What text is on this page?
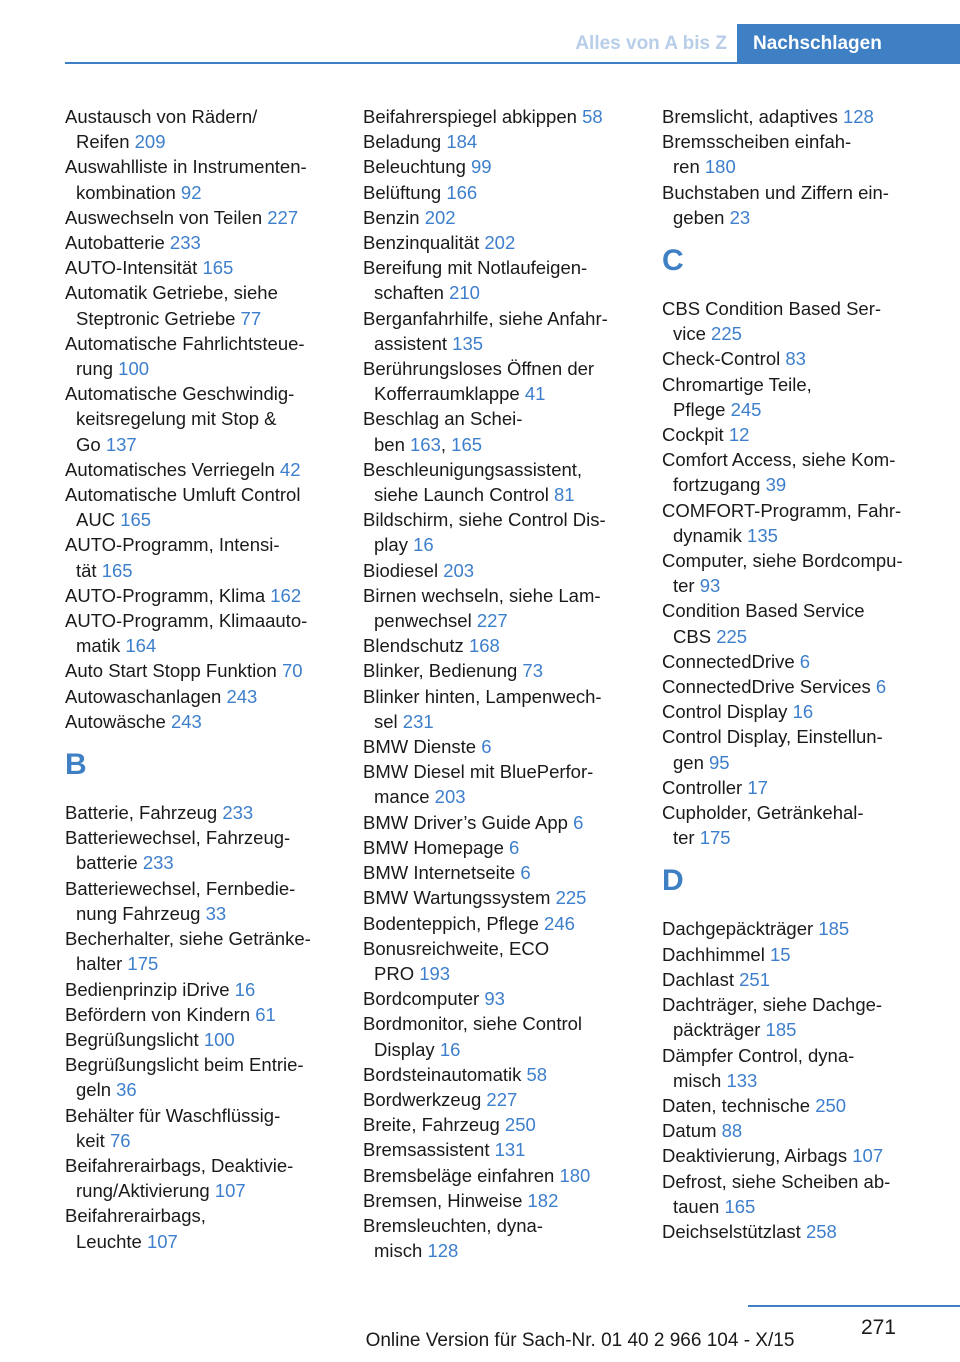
Alles von A bis Z	Nachschlagen
Austausch von Rädern/
Reifen 209
Auswahlliste in Instrumenten-
kombination 92
Auswechseln von Teilen 227
Autobatterie 233
AUTO-Intensität 165
Automatik Getriebe, siehe
Steptronic Getriebe 77
Automatische Fahrlichtsteue-
rung 100
Automatische Geschwindig-
keitsregelung mit Stop &
Go 137
Automatisches Verriegeln 42
Automatische Umluft Control
AUC 165
AUTO-Programm, Intensi-
tät 165
AUTO-Programm, Klima 162
AUTO-Programm, Klimaauto-
matik 164
Auto Start Stopp Funktion 70
Autowaschanlagen 243
Autowäsche 243
B
Batterie, Fahrzeug 233
Batteriewechsel, Fahrzeug-
batterie 233
Batteriewechsel, Fernbedie-
nung Fahrzeug 33
Becherhalter, siehe Getränke-
halter 175
Bedienprinzip iDrive 16
Befördern von Kindern 61
Begrüßungslicht 100
Begrüßungslicht beim Entrie-
geln 36
Behälter für Waschflüssig-
keit 76
Beifahrerairbags, Deaktivie-
rung/Aktivierung 107
Beifahrerairbags,
Leuchte 107
Beifahrerspiegel abkippen 58
Beladung 184
Beleuchtung 99
Belüftung 166
Benzin 202
Benzinqualität 202
Bereifung mit Notlaufeigen-
schaften 210
Berganfahrhilfe, siehe Anfahr-
assistent 135
Berührungsloses Öffnen der
Kofferraumklappe 41
Beschlag an Schei-
ben 163, 165
Beschleunigungsassistent,
siehe Launch Control 81
Bildschirm, siehe Control Dis-
play 16
Biodiesel 203
Birnen wechseln, siehe Lam-
penwechsel 227
Blendschutz 168
Blinker, Bedienung 73
Blinker hinten, Lampenwech-
sel 231
BMW Dienste 6
BMW Diesel mit BluePerfor-
mance 203
BMW Driver’s Guide App 6
BMW Homepage 6
BMW Internetseite 6
BMW Wartungssystem 225
Bodenteppich, Pflege 246
Bonusreichweite, ECO
PRO 193
Bordcomputer 93
Bordmonitor, siehe Control
Display 16
Bordsteinautomatik 58
Bordwerkzeug 227
Breite, Fahrzeug 250
Bremsassistent 131
Bremsbeläge einfahren 180
Bremsen, Hinweise 182
Bremsleuchten, dyna-
misch 128
Bremslicht, adaptives 128
Bremsscheiben einfah-
ren 180
Buchstaben und Ziffern ein-
geben 23
C
CBS Condition Based Ser-
vice 225
Check-Control 83
Chromartige Teile,
Pflege 245
Cockpit 12
Comfort Access, siehe Kom-
fortzugang 39
COMFORT-Programm, Fahr-
dynamik 135
Computer, siehe Bordcompu-
ter 93
Condition Based Service
CBS 225
ConnectedDrive 6
ConnectedDrive Services 6
Control Display 16
Control Display, Einstellun-
gen 95
Controller 17
Cupholder, Getränkehal-
ter 175
D
Dachgepäckträger 185
Dachhimmel 15
Dachlast 251
Dachträger, siehe Dachge-
päckträger 185
Dämpfer Control, dyna-
misch 133
Daten, technische 250
Datum 88
Deaktivierung, Airbags 107
Defrost, siehe Scheiben ab-
tauen 165
Deichselstützlast 258
271
Online Version für Sach-Nr. 01 40 2 966 104 - X/15
